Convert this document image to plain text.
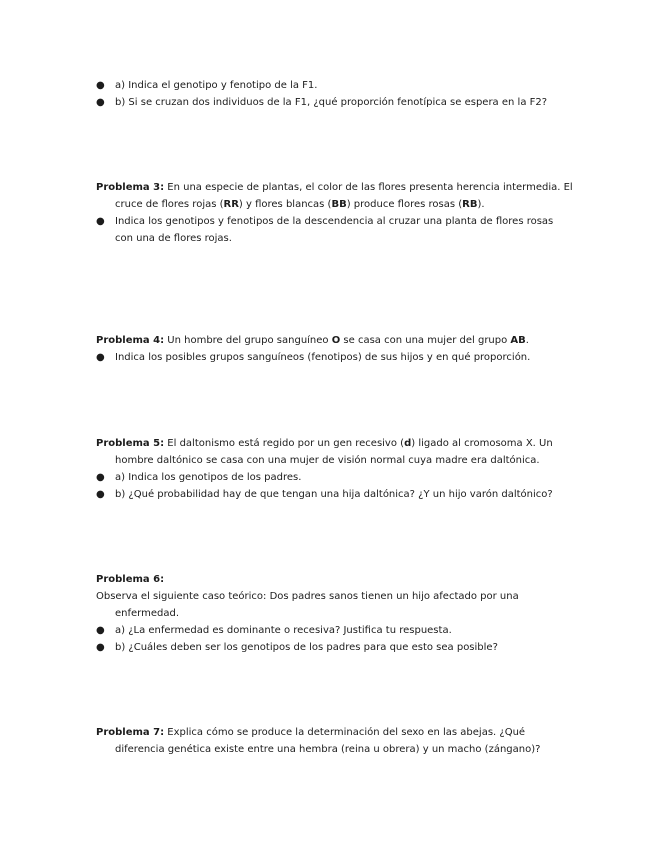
● a) Indica el genotipo y fenotipo de la F1.
● b) Si se cruzan dos individuos de la F1, ¿qué proporción fenotípica se espera en la F2?
Problema 3: En una especie de plantas, el color de las flores presenta herencia intermedia. El
cruce de flores rojas (RR) y flores blancas (BB) produce flores rosas (RB).
● Indica los genotipos y fenotipos de la descendencia al cruzar una planta de flores rosas
con una de flores rojas.
Problema 4: Un hombre del grupo sanguíneo O se casa con una mujer del grupo AB.
● Indica los posibles grupos sanguíneos (fenotipos) de sus hijos y en qué proporción.
Problema 5: El daltonismo está regido por un gen recesivo (d) ligado al cromosoma X. Un
hombre daltónico se casa con una mujer de visión normal cuya madre era daltónica.
● a) Indica los genotipos de los padres.
● b) ¿Qué probabilidad hay de que tengan una hija daltónica? ¿Y un hijo varón daltónico?
Problema 6:
Observa el siguiente caso teórico: Dos padres sanos tienen un hijo afectado por una
enfermedad.
● a) ¿La enfermedad es dominante o recesiva? Justifica tu respuesta.
● b) ¿Cuáles deben ser los genotipos de los padres para que esto sea posible?
Problema 7: Explica cómo se produce la determinación del sexo en las abejas. ¿Qué
diferencia genética existe entre una hembra (reina u obrera) y un macho (zángano)?
